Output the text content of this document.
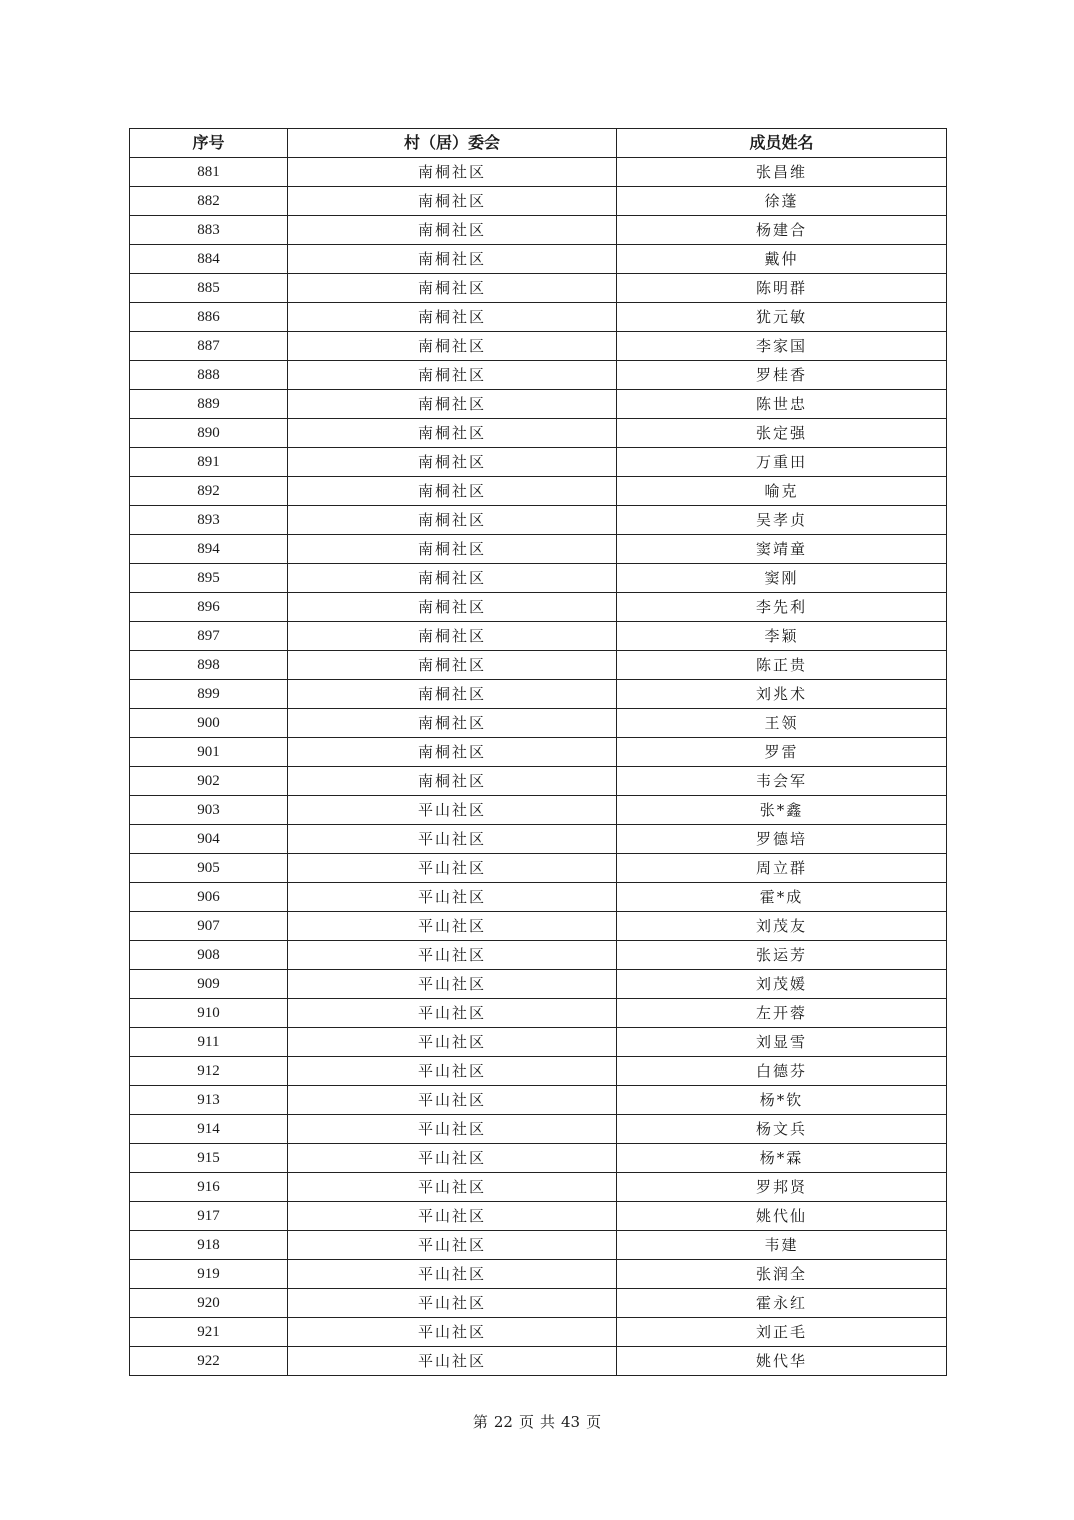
序号	村（居）委会	成员姓名
881	南桐社区	张昌维
882	南桐社区	徐蓬
883	南桐社区	杨建合
884	南桐社区	戴仲
885	南桐社区	陈明群
886	南桐社区	犹元敏
887	南桐社区	李家国
888	南桐社区	罗桂香
889	南桐社区	陈世忠
890	南桐社区	张定强
891	南桐社区	万重田
892	南桐社区	喻克
893	南桐社区	吴孝贞
894	南桐社区	窦靖童
895	南桐社区	窦刚
896	南桐社区	李先利
897	南桐社区	李颖
898	南桐社区	陈正贵
899	南桐社区	刘兆术
900	南桐社区	王领
901	南桐社区	罗雷
902	南桐社区	韦会军
903	平山社区	张*鑫
904	平山社区	罗德培
905	平山社区	周立群
906	平山社区	霍*成
907	平山社区	刘茂友
908	平山社区	张运芳
909	平山社区	刘茂媛
910	平山社区	左开蓉
911	平山社区	刘显雪
912	平山社区	白德芬
913	平山社区	杨*钦
914	平山社区	杨文兵
915	平山社区	杨*霖
916	平山社区	罗邦贤
917	平山社区	姚代仙
918	平山社区	韦建
919	平山社区	张润全
920	平山社区	霍永红
921	平山社区	刘正毛
922	平山社区	姚代华
第 22 页 共 43 页
